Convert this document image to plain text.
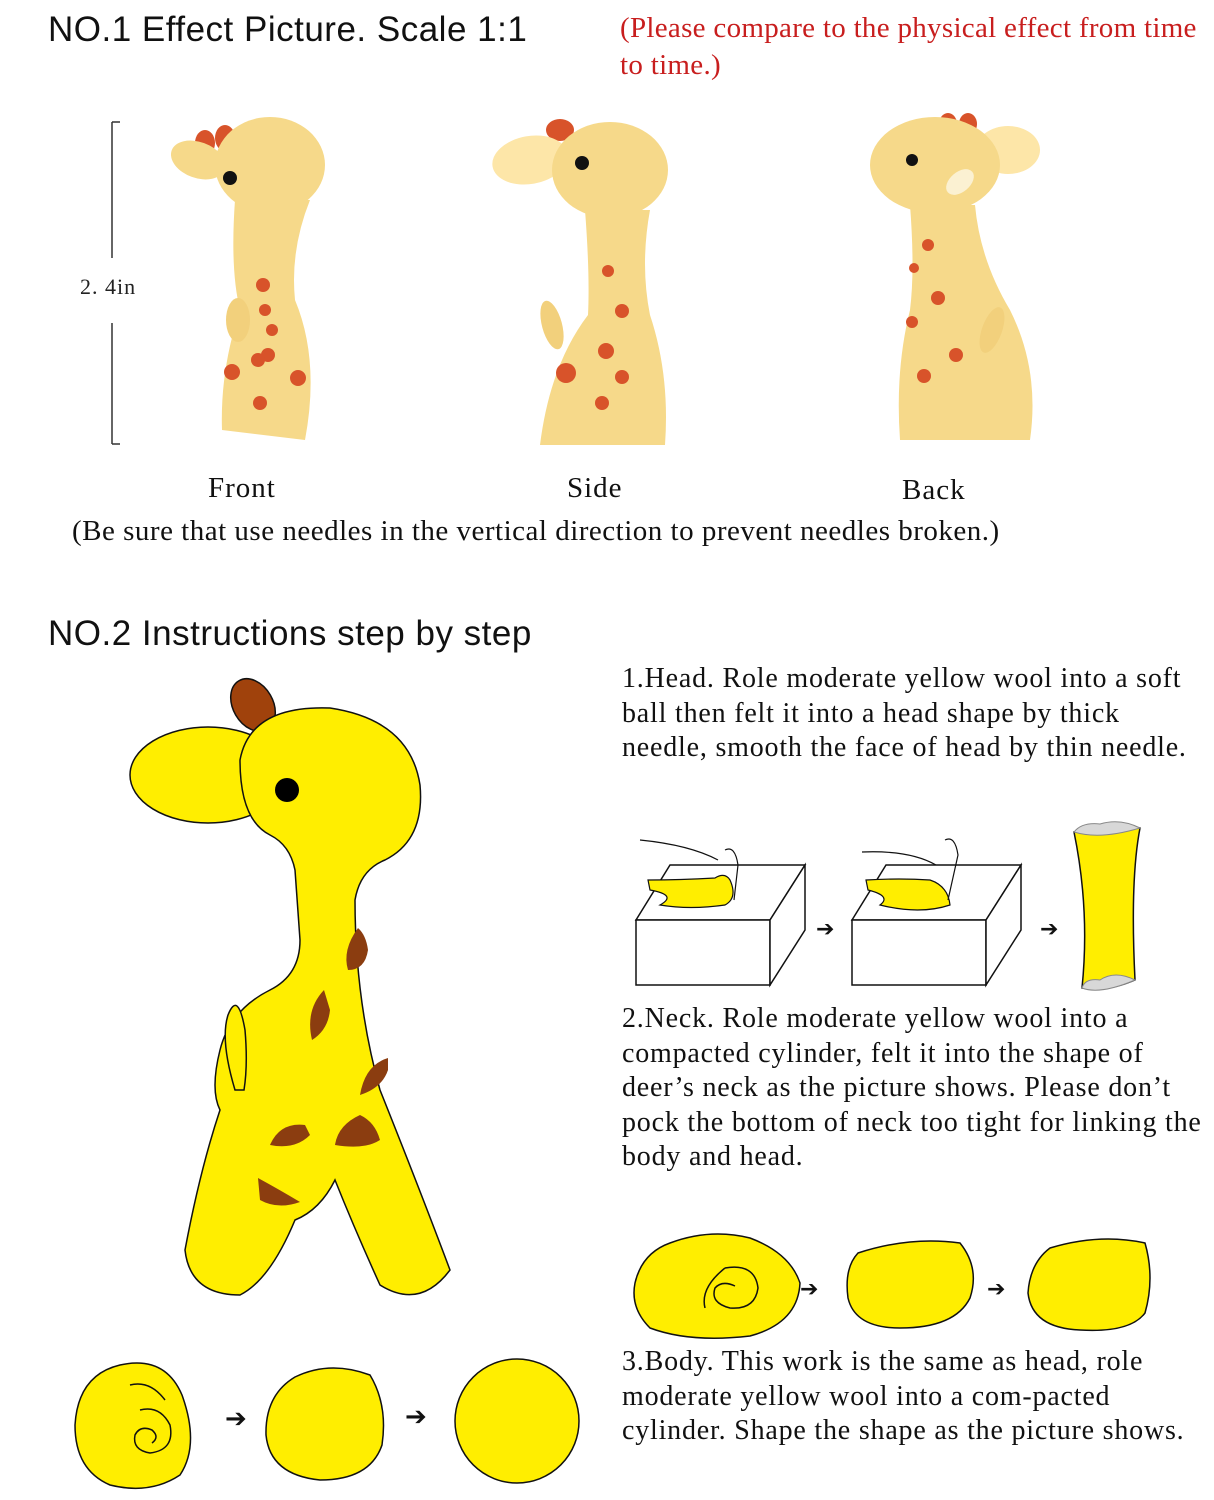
NO.1 Effect Picture. Scale 1:1	(Please compare to the physical effect from time to time.)
2. 4in
Front	Side	Back
(Be sure that use needles in the vertical direction to prevent needles broken.)
NO.2 Instructions step by step
➔	➔
1.Head. Role moderate yellow wool into a soft ball then felt it into a head shape by thick needle, smooth the face of head by thin needle.
2.Neck. Role moderate yellow wool into a compacted cylinder, felt it into the shape of deer’s neck as the picture shows. Please don’t pock the bottom of neck too tight for linking the body and head.
3.Body. This work is the same as head, role moderate yellow wool into a com-pacted cylinder. Shape the shape as the picture shows.
➔	➔
➔	➔
